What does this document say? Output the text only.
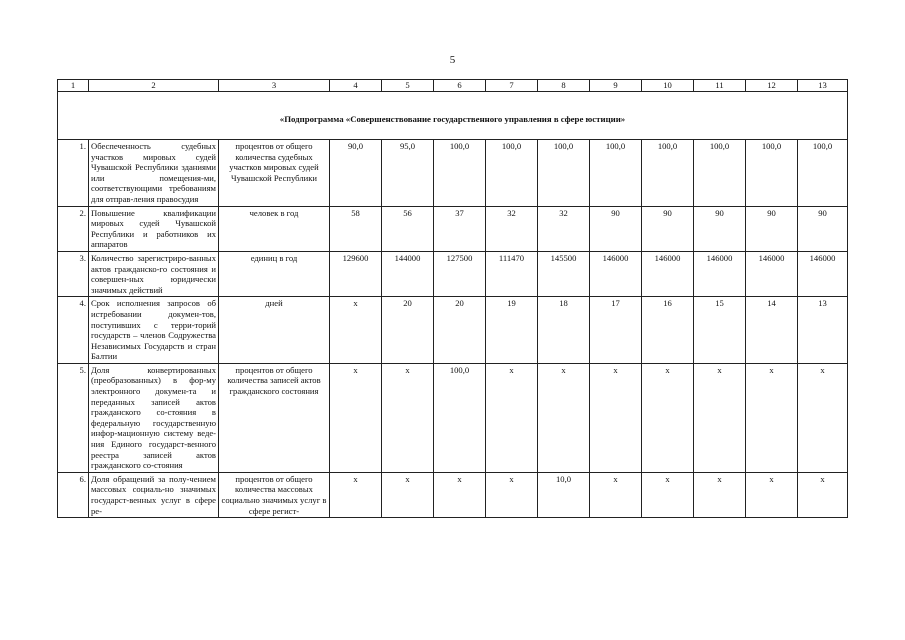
5
1	2	3	4	5	6	7	8	9	10	11	12	13
«Подпрограмма «Совершенствование государственного управления в сфере юстиции»												
1.	Обеспеченность судебных участков мировых судей Чувашской Республики зданиями или помещения-ми, соответствующими требованиям для отправ-ления правосудия	процентов от общего количества судебных участков мировых судей Чувашской Республики	90,0	95,0	100,0	100,0	100,0	100,0	100,0	100,0	100,0	100,0
2.	Повышение квалификации мировых судей Чувашской Республики и работников их аппаратов	человек в год	58	56	37	32	32	90	90	90	90	90
3.	Количество зарегистриро-ванных актов гражданско-го состояния и совершен-ных юридически значимых действий	единиц в год	129600	144000	127500	111470	145500	146000	146000	146000	146000	146000
4.	Срок исполнения запросов об истребовании докумен-тов, поступивших с терри-торий государств – членов Содружества Независимых Государств и стран Балтии	дней	х	20	20	19	18	17	16	15	14	13
5.	Доля конвертированных (преобразованных) в фор-му электронного докумен-та и переданных записей актов гражданского со-стояния в федеральную государственную инфор-мационную систему веде-ния Единого государст-венного реестра записей актов гражданского со-стояния	процентов от общего количества записей актов гражданского состояния	х	х	100,0	х	х	х	х	х	х	х
6.	Доля обращений за полу-чением массовых социаль-но значимых государст-венных услуг в сфере ре-	процентов от общего количества массовых социально значимых услуг в сфере регист-	х	х	х	х	10,0	х	х	х	х	х
